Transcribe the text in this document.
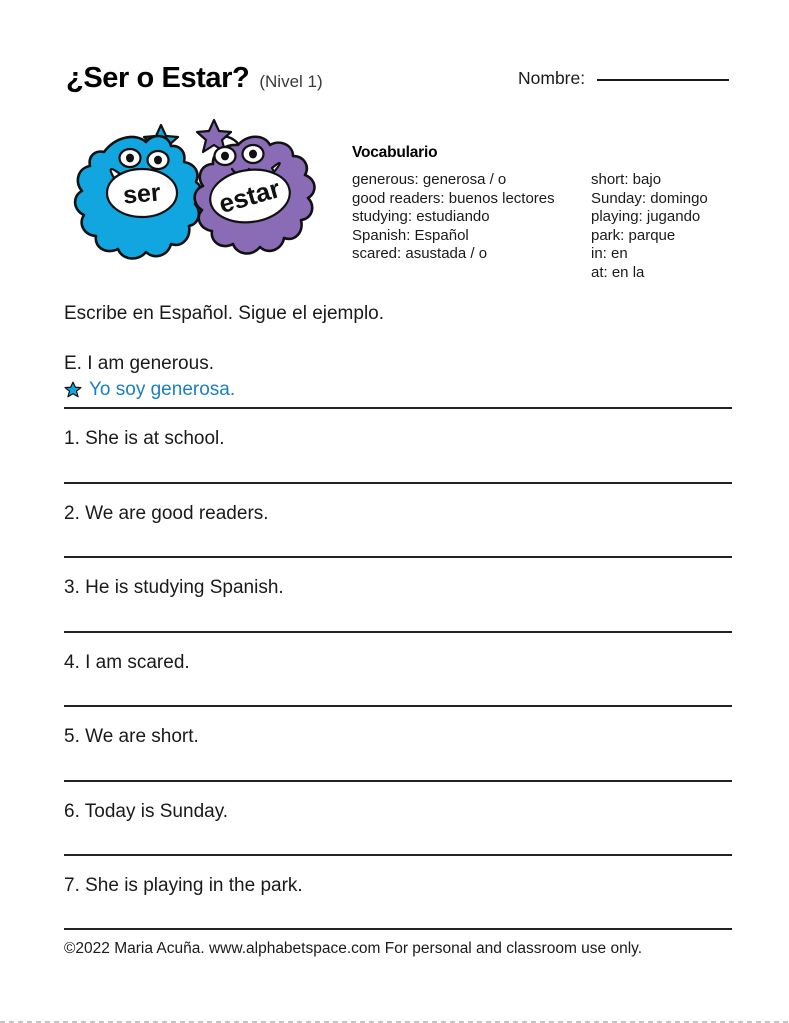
¿Ser o Estar? (Nivel 1)	Nombre:
ser estar
Vocabulario
generous: generosa / o
good readers: buenos lectores
studying: estudiando
Spanish: Español
scared: asustada / o
short: bajo
Sunday: domingo
playing: jugando
park: parque
in: en
at: en la
Escribe en Español. Sigue el ejemplo.
E. I am generous.
Yo soy generosa.
1. She is at school.
2. We are good readers.
3. He is studying Spanish.
4. I am scared.
5. We are short.
6. Today is Sunday.
7. She is playing in the park.
©2022 Maria Acuña. www.alphabetspace.com For personal and classroom use only.
